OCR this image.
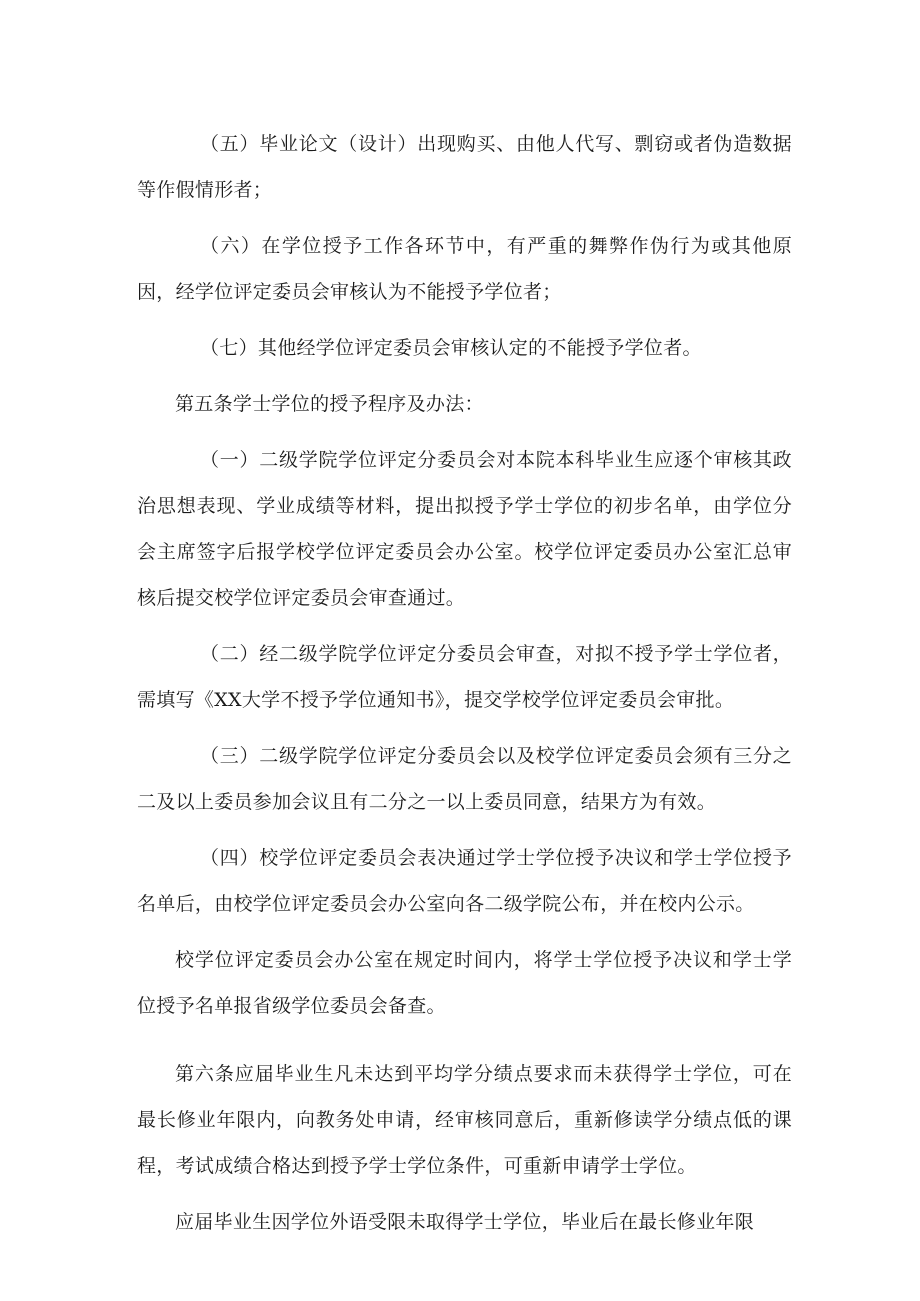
（五）毕业论文（设计）出现购买、由他人代写、剽窃或者伪造数据等作假情形者；

（六）在学位授予工作各环节中，有严重的舞弊作伪行为或其他原因，经学位评定委员会审核认为不能授予学位者；

（七）其他经学位评定委员会审核认定的不能授予学位者。

第五条学士学位的授予程序及办法：

（一）二级学院学位评定分委员会对本院本科毕业生应逐个审核其政治思想表现、学业成绩等材料，提出拟授予学士学位的初步名单，由学位分会主席签字后报学校学位评定委员会办公室。校学位评定委员办公室汇总审核后提交校学位评定委员会审查通过。

（二）经二级学院学位评定分委员会审查，对拟不授予学士学位者，需填写《XX大学不授予学位通知书》，提交学校学位评定委员会审批。

（三）二级学院学位评定分委员会以及校学位评定委员会须有三分之二及以上委员参加会议且有二分之一以上委员同意，结果方为有效。

（四）校学位评定委员会表决通过学士学位授予决议和学士学位授予名单后，由校学位评定委员会办公室向各二级学院公布，并在校内公示。

校学位评定委员会办公室在规定时间内，将学士学位授予决议和学士学位授予名单报省级学位委员会备查。

第六条应届毕业生凡未达到平均学分绩点要求而未获得学士学位，可在最长修业年限内，向教务处申请，经审核同意后，重新修读学分绩点低的课程，考试成绩合格达到授予学士学位条件，可重新申请学士学位。

应届毕业生因学位外语受限未取得学士学位，毕业后在最长修业年限
